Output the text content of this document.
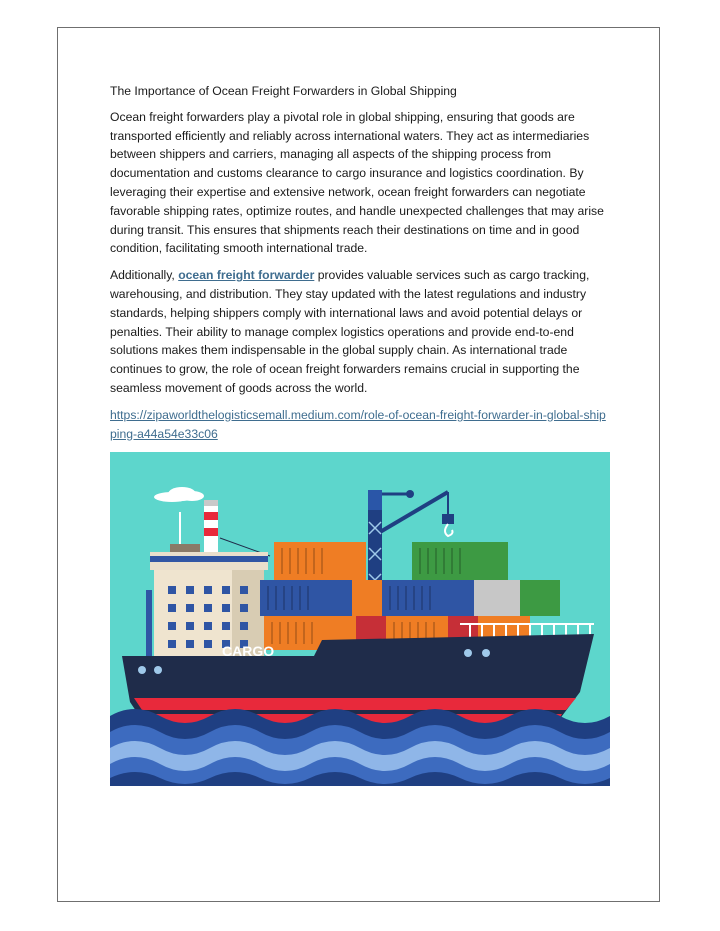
The Importance of Ocean Freight Forwarders in Global Shipping

Ocean freight forwarders play a pivotal role in global shipping, ensuring that goods are transported efficiently and reliably across international waters. They act as intermediaries between shippers and carriers, managing all aspects of the shipping process from documentation and customs clearance to cargo insurance and logistics coordination. By leveraging their expertise and extensive network, ocean freight forwarders can negotiate favorable shipping rates, optimize routes, and handle unexpected challenges that may arise during transit. This ensures that shipments reach their destinations on time and in good condition, facilitating smooth international trade.

Additionally, ocean freight forwarder provides valuable services such as cargo tracking, warehousing, and distribution. They stay updated with the latest regulations and industry standards, helping shippers comply with international laws and avoid potential delays or penalties. Their ability to manage complex logistics operations and provide end-to-end solutions makes them indispensable in the global supply chain. As international trade continues to grow, the role of ocean freight forwarders remains crucial in supporting the seamless movement of goods across the world.

https://zipaworldthelogisticsemall.medium.com/role-of-ocean-freight-forwarder-in-global-shipping-a44a54e33c06

CARGO
